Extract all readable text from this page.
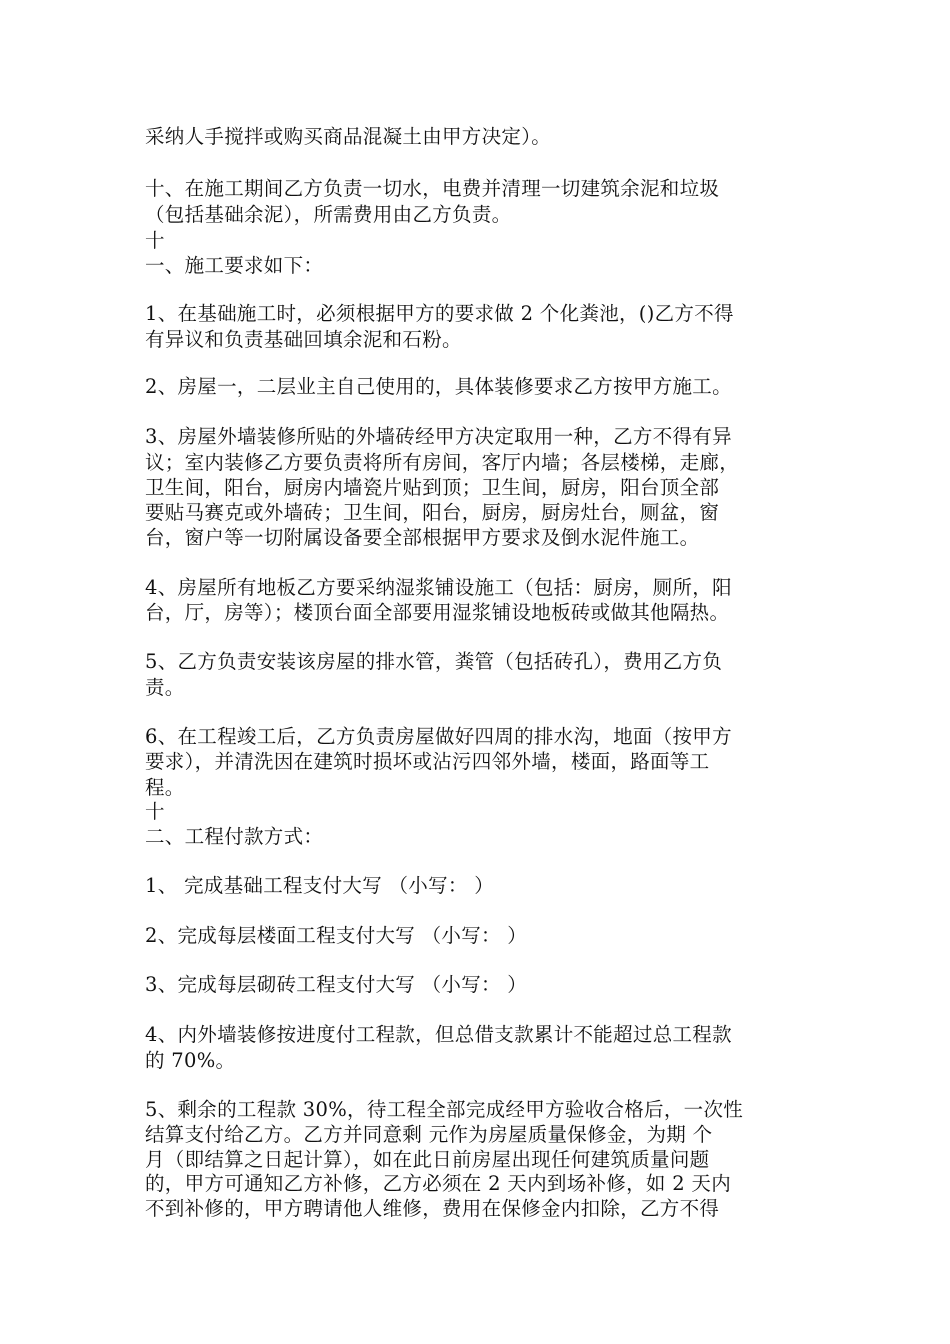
采纳人手搅拌或购买商品混凝土由甲方决定）。
十、在施工期间乙方负责一切水，电费并清理一切建筑余泥和垃圾
（包括基础余泥），所需费用由乙方负责。
十
一、施工要求如下：
1、在基础施工时，必须根据甲方的要求做 2 个化粪池，()乙方不得
有异议和负责基础回填余泥和石粉。
2、房屋一，二层业主自己使用的，具体装修要求乙方按甲方施工。
3、房屋外墙装修所贴的外墙砖经甲方决定取用一种，乙方不得有异
议；室内装修乙方要负责将所有房间，客厅内墙；各层楼梯，走廊，
卫生间，阳台，厨房内墙瓷片贴到顶；卫生间，厨房，阳台顶全部
要贴马赛克或外墙砖；卫生间，阳台，厨房，厨房灶台，厕盆，窗
台，窗户等一切附属设备要全部根据甲方要求及倒水泥件施工。
4、房屋所有地板乙方要采纳湿浆铺设施工（包括：厨房，厕所，阳
台，厅，房等）；楼顶台面全部要用湿浆铺设地板砖或做其他隔热。
5、乙方负责安装该房屋的排水管，粪管（包括砖孔），费用乙方负
责。
6、在工程竣工后，乙方负责房屋做好四周的排水沟，地面（按甲方
要求），并清洗因在建筑时损坏或沾污四邻外墙，楼面，路面等工
程。
十
二、工程付款方式：
1、 完成基础工程支付大写 （小写： ）
2、完成每层楼面工程支付大写 （小写： ）
3、完成每层砌砖工程支付大写 （小写： ）
4、内外墙装修按进度付工程款，但总借支款累计不能超过总工程款
的 70%。
5、剩余的工程款 30%，待工程全部完成经甲方验收合格后，一次性
结算支付给乙方。乙方并同意剩 元作为房屋质量保修金，为期 个
月（即结算之日起计算），如在此日前房屋出现任何建筑质量问题
的，甲方可通知乙方补修，乙方必须在 2 天内到场补修，如 2 天内
不到补修的，甲方聘请他人维修，费用在保修金内扣除，乙方不得
